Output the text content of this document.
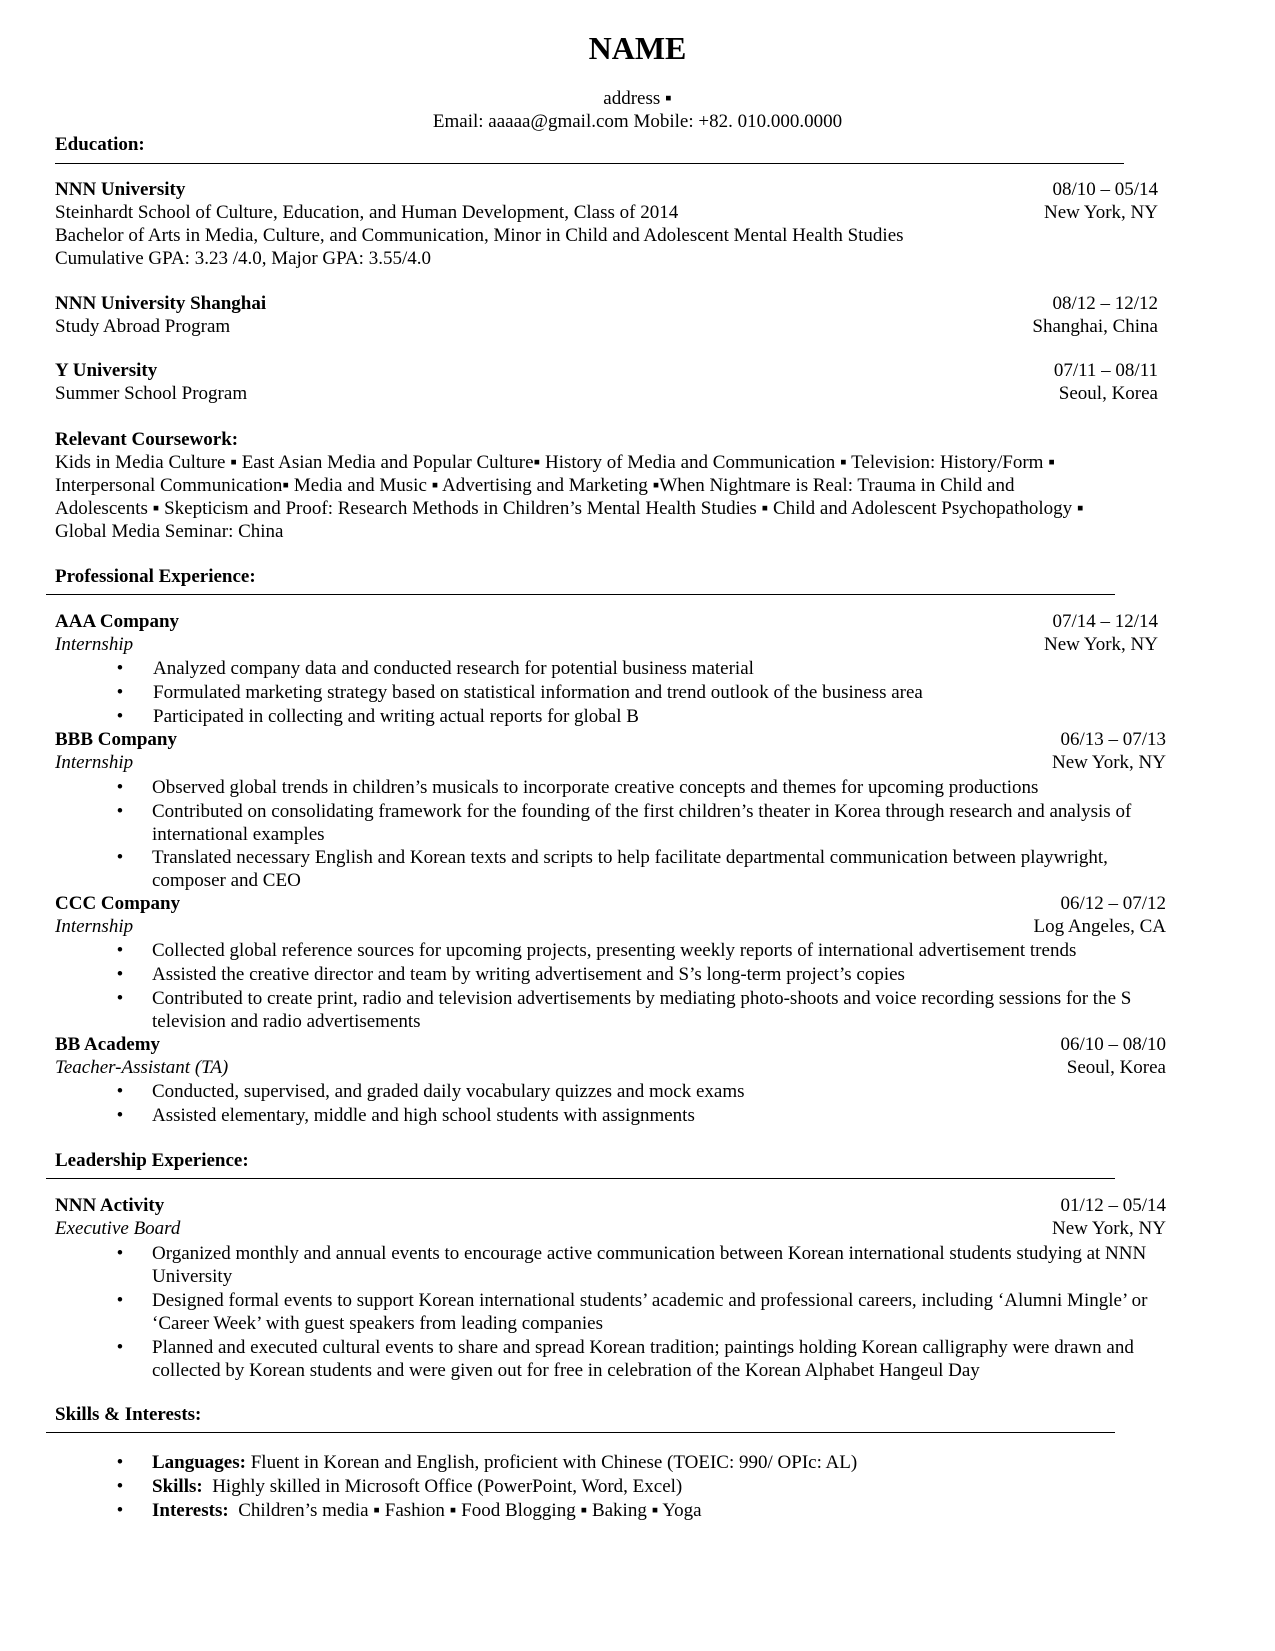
NAME
address ▪
Email: aaaaa@gmail.com Mobile: +82. 010.000.0000
Education:
NNN University	08/10 – 05/14
Steinhardt School of Culture, Education, and Human Development, Class of 2014	New York, NY
Bachelor of Arts in Media, Culture, and Communication, Minor in Child and Adolescent Mental Health Studies
Cumulative GPA: 3.23 /4.0, Major GPA: 3.55/4.0
NNN University Shanghai	08/12 – 12/12
Study Abroad Program	Shanghai, China
Y University	07/11 – 08/11
Summer School Program	Seoul, Korea
Relevant Coursework:
Kids in Media Culture ▪ East Asian Media and Popular Culture▪ History of Media and Communication ▪ Television: History/Form ▪
Interpersonal Communication▪ Media and Music ▪ Advertising and Marketing ▪When Nightmare is Real: Trauma in Child and
Adolescents ▪ Skepticism and Proof: Research Methods in Children’s Mental Health Studies ▪ Child and Adolescent Psychopathology ▪
Global Media Seminar: China
Professional Experience:
AAA Company	07/14 – 12/14
Internship	New York, NY
• Analyzed company data and conducted research for potential business material
• Formulated marketing strategy based on statistical information and trend outlook of the business area
• Participated in collecting and writing actual reports for global B
BBB Company	06/13 – 07/13
Internship	New York, NY
• Observed global trends in children’s musicals to incorporate creative concepts and themes for upcoming productions
• Contributed on consolidating framework for the founding of the first children’s theater in Korea through research and analysis of international examples
• Translated necessary English and Korean texts and scripts to help facilitate departmental communication between playwright, composer and CEO
CCC Company	06/12 – 07/12
Internship	Log Angeles, CA
• Collected global reference sources for upcoming projects, presenting weekly reports of international advertisement trends
• Assisted the creative director and team by writing advertisement and S’s long-term project’s copies
• Contributed to create print, radio and television advertisements by mediating photo-shoots and voice recording sessions for the S television and radio advertisements
BB Academy	06/10 – 08/10
Teacher-Assistant (TA)	Seoul, Korea
• Conducted, supervised, and graded daily vocabulary quizzes and mock exams
• Assisted elementary, middle and high school students with assignments
Leadership Experience:
NNN Activity	01/12 – 05/14
Executive Board	New York, NY
• Organized monthly and annual events to encourage active communication between Korean international students studying at NNN University
• Designed formal events to support Korean international students’ academic and professional careers, including ‘Alumni Mingle’ or ‘Career Week’ with guest speakers from leading companies
• Planned and executed cultural events to share and spread Korean tradition; paintings holding Korean calligraphy were drawn and collected by Korean students and were given out for free in celebration of the Korean Alphabet Hangeul Day
Skills & Interests:
• Languages: Fluent in Korean and English, proficient with Chinese (TOEIC: 990/ OPIc: AL)
• Skills:  Highly skilled in Microsoft Office (PowerPoint, Word, Excel)
• Interests:  Children’s media ▪ Fashion ▪ Food Blogging ▪ Baking ▪ Yoga
